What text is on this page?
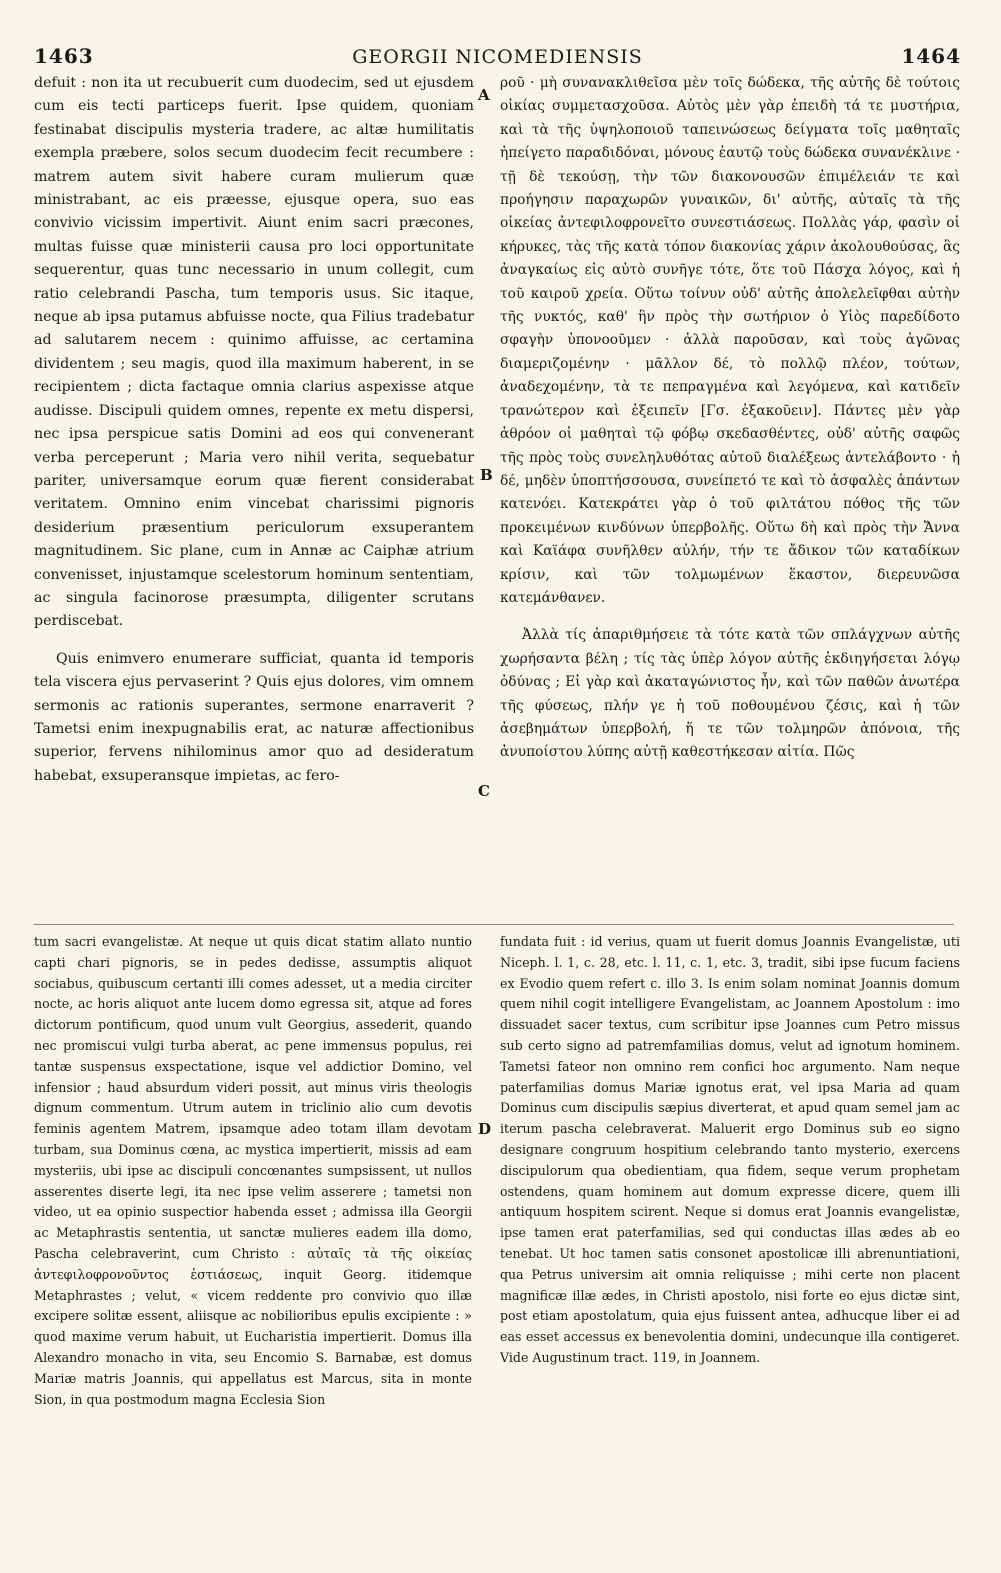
1463	GEORGII NICOMEDIENSIS	1464

defuit : non ita ut recubuerit cum duodecim, sed ut ejusdem cum eis tecti particeps fuerit. Ipse quidem, quoniam festinabat discipulis mysteria tradere, ac altæ humilitatis exempla præbere, solos secum duodecim fecit recumbere : matrem autem sivit habere curam mulierum quæ ministrabant, ac eis præesse, ejusque opera, suo eas convivio vicissim impertivit. Aiunt enim sacri præcones, multas fuisse quæ ministerii causa pro loci opportunitate sequerentur, quas tunc necessario in unum collegit, cum ratio celebrandi Pascha, tum temporis usus. Sic itaque, neque ab ipsa putamus abfuisse nocte, qua Filius tradebatur ad salutarem necem : quinimo affuisse, ac certamina dividentem ; seu magis, quod illa maximum haberent, in se recipientem ; dicta factaque omnia clarius aspexisse atque audisse. Discipuli quidem omnes, repente ex metu dispersi, nec ipsa perspicue satis Domini ad eos qui convenerant verba perceperunt ; Maria vero nihil verita, sequebatur pariter, universamque eorum quæ fierent considerabat veritatem. Omnino enim vincebat charissimi pignoris desiderium præsentium periculorum exsuperantem magnitudinem. Sic plane, cum in Annæ ac Caiphæ atrium convenisset, injustamque scelestorum hominum sententiam, ac singula facinorose præsumpta, diligenter scrutans perdiscebat.

Quis enimvero enumerare sufficiat, quanta id temporis tela viscera ejus pervaserint ? Quis ejus dolores, vim omnem sermonis ac rationis superantes, sermone enarraverit ? Tametsi enim inexpugnabilis erat, ac naturæ affectionibus superior, fervens nihilominus amor quo ad desideratum habebat, exsuperansque impietas, ac fero-

A
B
C
D

ροῦ · μὴ συνανακλιθεῖσα μὲν τοῖς δώδεκα, τῆς αὐτῆς δὲ τούτοις οἰκίας συμμετασχοῦσα. Αὐτὸς μὲν γὰρ ἐπειδὴ τά τε μυστήρια, καὶ τὰ τῆς ὑψηλοποιοῦ ταπεινώσεως δείγματα τοῖς μαθηταῖς ἠπείγετο παραδιδόναι, μόνους ἑαυτῷ τοὺς δώδεκα συνανέκλινε · τῇ δὲ τεκούσῃ, τὴν τῶν διακονουσῶν ἐπιμέλειάν τε καὶ προήγησιν παραχωρῶν γυναικῶν, δι' αὐτῆς, αὐταῖς τὰ τῆς οἰκείας ἀντεφιλοφρονεῖτο συνεστιάσεως. Πολλὰς γάρ, φασὶν οἱ κήρυκες, τὰς τῆς κατὰ τόπον διακονίας χάριν ἀκολουθούσας, ἃς ἀναγκαίως εἰς αὐτὸ συνῆγε τότε, ὅτε τοῦ Πάσχα λόγος, καὶ ἡ τοῦ καιροῦ χρεία. Οὕτω τοίνυν οὐδ' αὐτῆς ἀπολελεῖφθαι αὐτὴν τῆς νυκτός, καθ' ἣν πρὸς τὴν σωτήριον ὁ Υἱὸς παρεδίδοτο σφαγὴν ὑπονοοῦμεν · ἀλλὰ παροῦσαν, καὶ τοὺς ἀγῶνας διαμεριζομένην · μᾶλλον δέ, τὸ πολλῷ πλέον, τούτων, ἀναδεχομένην, τὰ τε πεπραγμένα καὶ λεγόμενα, καὶ κατιδεῖν τρανώτερον καὶ ἐξειπεῖν [Γσ. ἐξακοῦειν]. Πάντες μὲν γὰρ ἀθρόον οἱ μαθηταὶ τῷ φόβῳ σκεδασθέντες, οὐδ' αὐτῆς σαφῶς τῆς πρὸς τοὺς συνεληλυθότας αὐτοῦ διαλέξεως ἀντελάβοντο · ἡ δέ, μηδὲν ὑποπτήσσουσα, συνείπετό τε καὶ τὸ ἀσφαλὲς ἁπάντων κατενόει. Κατεκράτει γὰρ ὁ τοῦ φιλτάτου πόθος τῆς τῶν προκειμένων κινδύνων ὑπερβολῆς. Οὕτω δὴ καὶ πρὸς τὴν Ἄννα καὶ Καϊάφα συνῆλθεν αὐλήν, τήν τε ἄδικον τῶν καταδίκων κρίσιν, καὶ τῶν τολμωμένων ἕκαστον, διερευνῶσα κατεμάνθανεν.

Ἀλλὰ τίς ἀπαριθμήσειε τὰ τότε κατὰ τῶν σπλάγχνων αὐτῆς χωρήσαντα βέλη ; τίς τὰς ὑπὲρ λόγον αὐτῆς ἐκδιηγήσεται λόγῳ ὀδύνας ; Εἰ γὰρ καὶ ἀκαταγώνιστος ἦν, καὶ τῶν παθῶν ἀνωτέρα τῆς φύσεως, πλήν γε ἡ τοῦ ποθουμένου ζέσις, καὶ ἡ τῶν ἀσεβημάτων ὑπερβολή, ἥ τε τῶν τολμηρῶν ἀπόνοια, τῆς ἀνυποίστου λύπης αὐτῇ καθεστήκεσαν αἰτία. Πῶς

tum sacri evangelistæ. At neque ut quis dicat statim allato nuntio capti chari pignoris, se in pedes dedisse, assumptis aliquot sociabus, quibuscum certanti illi comes adesset, ut a media circiter nocte, ac horis aliquot ante lucem domo egressa sit, atque ad fores dictorum pontificum, quod unum vult Georgius, assederit, quando nec promiscui vulgi turba aberat, ac pene immensus populus, rei tantæ suspensus exspectatione, isque vel addictior Domino, vel infensior ; haud absurdum videri possit, aut minus viris theologis dignum commentum. Utrum autem in triclinio alio cum devotis feminis agentem Matrem, ipsamque adeo totam illam devotam turbam, sua Dominus cœna, ac mystica impertierit, missis ad eam mysteriis, ubi ipse ac discipuli concœnantes sumpsissent, ut nullos asserentes diserte legi, ita nec ipse velim asserere ; tametsi non video, ut ea opinio suspectior habenda esset ; admissa illa Georgii ac Metaphrastis sententia, ut sanctæ mulieres eadem illa domo, Pascha celebraverint, cum Christo : αὐταῖς τὰ τῆς οἰκείας ἀντεφιλοφρονοῦντος ἑστιάσεως, inquit Georg. itidemque Metaphrastes ; velut, « vicem reddente pro convivio quo illæ excipere solitæ essent, aliisque ac nobilioribus epulis excipiente : » quod maxime verum habuit, ut Eucharistia impertierit. Domus illa Alexandro monacho in vita, seu Encomio S. Barnabæ, est domus Mariæ matris Joannis, qui appellatus est Marcus, sita in monte Sion, in qua postmodum magna Ecclesia Sion

fundata fuit : id verius, quam ut fuerit domus Joannis Evangelistæ, uti Niceph. l. 1, c. 28, etc. l. 11, c. 1, etc. 3, tradit, sibi ipse fucum faciens ex Evodio quem refert c. illo 3. Is enim solam nominat Joannis domum quem nihil cogit intelligere Evangelistam, ac Joannem Apostolum : imo dissuadet sacer textus, cum scribitur ipse Joannes cum Petro missus sub certo signo ad patremfamilias domus, velut ad ignotum hominem. Tametsi fateor non omnino rem confici hoc argumento. Nam neque paterfamilias domus Mariæ ignotus erat, vel ipsa Maria ad quam Dominus cum discipulis sæpius diverterat, et apud quam semel jam ac iterum pascha celebraverat. Maluerit ergo Dominus sub eo signo designare congruum hospitium celebrando tanto mysterio, exercens discipulorum qua obedientiam, qua fidem, seque verum prophetam ostendens, quam hominem aut domum expresse dicere, quem illi antiquum hospitem scirent. Neque si domus erat Joannis evangelistæ, ipse tamen erat paterfamilias, sed qui conductas illas ædes ab eo tenebat. Ut hoc tamen satis consonet apostolicæ illi abrenuntiationi, qua Petrus universim ait omnia reliquisse ; mihi certe non placent magnificæ illæ ædes, in Christi apostolo, nisi forte eo ejus dictæ sint, post etiam apostolatum, quia ejus fuissent antea, adhucque liber ei ad eas esset accessus ex benevolentia domini, undecunque illa contigeret. Vide Augustinum tract. 119, in Joannem.
